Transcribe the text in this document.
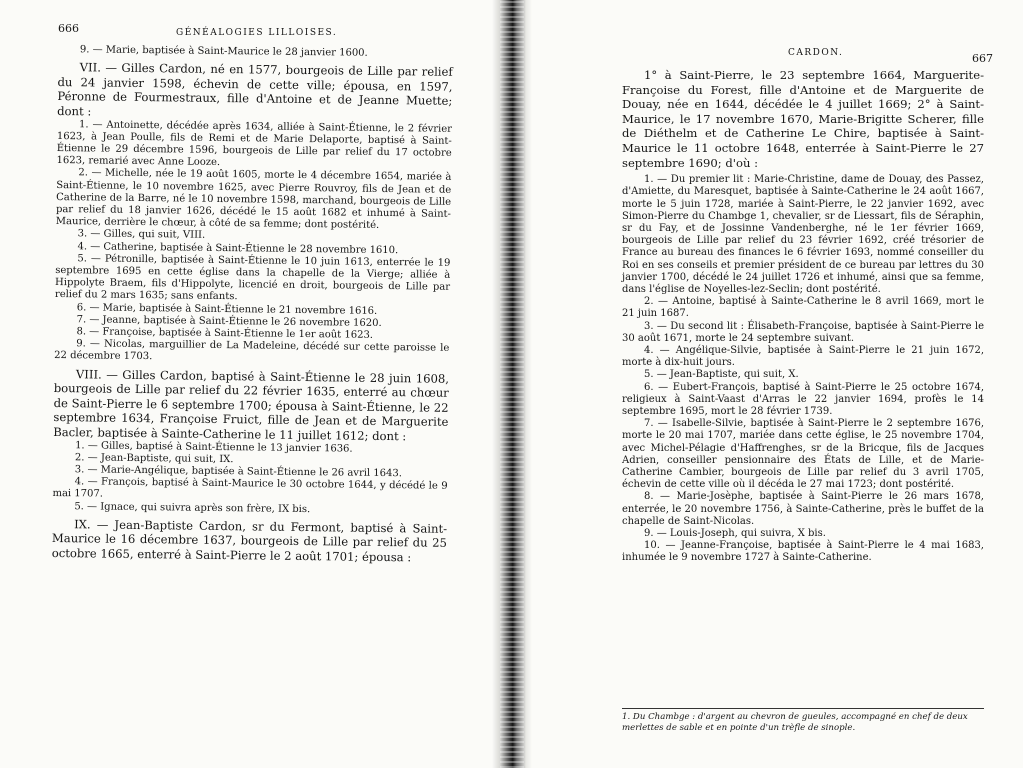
666	GÉNÉALOGIES LILLOISES.

9. — Marie, baptisée à Saint-Maurice le 28 janvier 1600.

VII. — Gilles Cardon, né en 1577, bourgeois de Lille par relief du 24 janvier 1598, échevin de cette ville; épousa, en 1597, Péronne de Fourmestraux, fille d'Antoine et de Jeanne Muette; dont :

1. — Antoinette, décédée après 1634, alliée à Saint-Étienne, le 2 février 1623, à Jean Poulle, fils de Remi et de Marie Delaporte, baptisé à Saint-Étienne le 29 décembre 1596, bourgeois de Lille par relief du 17 octobre 1623, remarié avec Anne Looze.

2. — Michelle, née le 19 août 1605, morte le 4 décembre 1654, mariée à Saint-Étienne, le 10 novembre 1625, avec Pierre Rouvroy, fils de Jean et de Catherine de la Barre, né le 10 novembre 1598, marchand, bourgeois de Lille par relief du 18 janvier 1626, décédé le 15 août 1682 et inhumé à Saint-Maurice, derrière le chœur, à côté de sa femme; dont postérité.

3. — Gilles, qui suit, VIII.

4. — Catherine, baptisée à Saint-Étienne le 28 novembre 1610.

5. — Pétronille, baptisée à Saint-Étienne le 10 juin 1613, enterrée le 19 septembre 1695 en cette église dans la chapelle de la Vierge; alliée à Hippolyte Braem, fils d'Hippolyte, licencié en droit, bourgeois de Lille par relief du 2 mars 1635; sans enfants.

6. — Marie, baptisée à Saint-Étienne le 21 novembre 1616.

7. — Jeanne, baptisée à Saint-Étienne le 26 novembre 1620.

8. — Françoise, baptisée à Saint-Étienne le 1er août 1623.

9. — Nicolas, marguillier de La Madeleine, décédé sur cette paroisse le 22 décembre 1703.

VIII. — Gilles Cardon, baptisé à Saint-Étienne le 28 juin 1608, bourgeois de Lille par relief du 22 février 1635, enterré au chœur de Saint-Pierre le 6 septembre 1700; épousa à Saint-Étienne, le 22 septembre 1634, Françoise Fruict, fille de Jean et de Marguerite Bacler, baptisée à Sainte-Catherine le 11 juillet 1612; dont :

1. — Gilles, baptisé à Saint-Étienne le 13 janvier 1636.

2. — Jean-Baptiste, qui suit, IX.

3. — Marie-Angélique, baptisée à Saint-Étienne le 26 avril 1643.

4. — François, baptisé à Saint-Maurice le 30 octobre 1644, y décédé le 9 mai 1707.

5. — Ignace, qui suivra après son frère, IX bis.

IX. — Jean-Baptiste Cardon, sr du Fermont, baptisé à Saint-Maurice le 16 décembre 1637, bourgeois de Lille par relief du 25 octobre 1665, enterré à Saint-Pierre le 2 août 1701; épousa :

CARDON.	667

1° à Saint-Pierre, le 23 septembre 1664, Marguerite-Françoise du Forest, fille d'Antoine et de Marguerite de Douay, née en 1644, décédée le 4 juillet 1669; 2° à Saint-Maurice, le 17 novembre 1670, Marie-Brigitte Scherer, fille de Diéthelm et de Catherine Le Chire, baptisée à Saint-Maurice le 11 octobre 1648, enterrée à Saint-Pierre le 27 septembre 1690; d'où :

1. — Du premier lit : Marie-Christine, dame de Douay, des Passez, d'Amiette, du Maresquet, baptisée à Sainte-Catherine le 24 août 1667, morte le 5 juin 1728, mariée à Saint-Pierre, le 22 janvier 1692, avec Simon-Pierre du Chambge 1, chevalier, sr de Liessart, fils de Séraphin, sr du Fay, et de Jossinne Vandenberghe, né le 1er février 1669, bourgeois de Lille par relief du 23 février 1692, créé trésorier de France au bureau des finances le 6 février 1693, nommé conseiller du Roi en ses conseils et premier président de ce bureau par lettres du 30 janvier 1700, décédé le 24 juillet 1726 et inhumé, ainsi que sa femme, dans l'église de Noyelles-lez-Seclin; dont postérité.

2. — Antoine, baptisé à Sainte-Catherine le 8 avril 1669, mort le 21 juin 1687.

3. — Du second lit : Élisabeth-Françoise, baptisée à Saint-Pierre le 30 août 1671, morte le 24 septembre suivant.

4. — Angélique-Silvie, baptisée à Saint-Pierre le 21 juin 1672, morte à dix-huit jours.

5. — Jean-Baptiste, qui suit, X.

6. — Eubert-François, baptisé à Saint-Pierre le 25 octobre 1674, religieux à Saint-Vaast d'Arras le 22 janvier 1694, profès le 14 septembre 1695, mort le 28 février 1739.

7. — Isabelle-Silvie, baptisée à Saint-Pierre le 2 septembre 1676, morte le 20 mai 1707, mariée dans cette église, le 25 novembre 1704, avec Michel-Pélagie d'Haffrenghes, sr de la Bricque, fils de Jacques Adrien, conseiller pensionnaire des États de Lille, et de Marie-Catherine Cambier, bourgeois de Lille par relief du 3 avril 1705, échevin de cette ville où il décéda le 27 mai 1723; dont postérité.

8. — Marie-Josèphe, baptisée à Saint-Pierre le 26 mars 1678, enterrée, le 20 novembre 1756, à Sainte-Catherine, près le buffet de la chapelle de Saint-Nicolas.

9. — Louis-Joseph, qui suivra, X bis.

10. — Jeanne-Françoise, baptisée à Saint-Pierre le 4 mai 1683, inhumée le 9 novembre 1727 à Sainte-Catherine.

1. Du Chambge : d'argent au chevron de gueules, accompagné en chef de deux merlettes de sable et en pointe d'un trèfle de sinople.
